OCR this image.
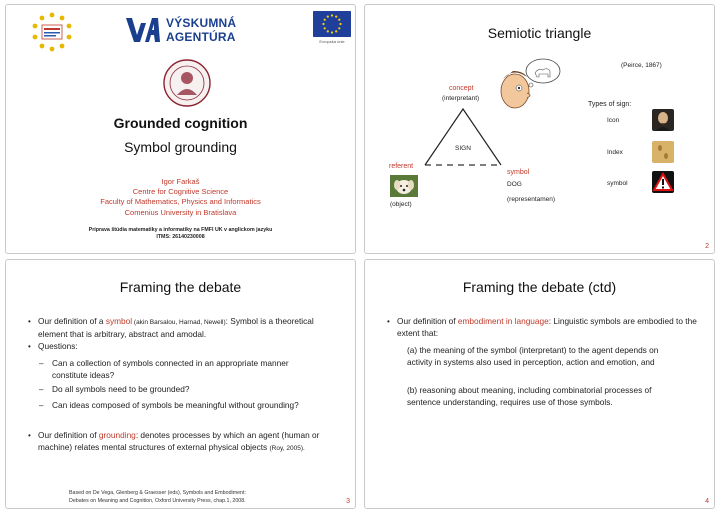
VÝSKUMNÁ
AGENTÚRA	Evropská únie
Grounded cognition
Symbol grounding
Igor Farkaš
Centre for Cognitive Science
Faculty of Mathematics, Physics and Informatics
Comenius University in Bratislava
Príprava štúdia matematiky a informatiky na FMFI UK v anglickom jazyku
ITMS: 26140230008
Semiotic triangle
(Peirce, 1867)
concept
(interpretant)
Types of sign:
SIGN
referent
(object)
symbol
DOG
(representamen)
Icon
Index
symbol
2
Framing the debate
• Our definition of a symbol (akin Barsalou, Harnad, Newell): Symbol is a theoretical element that is arbitrary, abstract and amodal.
• Questions:
– Can a collection of symbols connected in an appropriate manner constitute ideas?
– Do all symbols need to be grounded?
– Can ideas composed of symbols be meaningful without grounding?
• Our definition of grounding: denotes processes by which an agent (human or machine) relates mental structures of external physical objects (Roy, 2005).
Based on De Vega, Glenberg & Graesser (eds), Symbols and Embodiment:
Debates on Meaning and Cognition, Oxford University Press, chap.1, 2008.	3
Framing the debate (ctd)
• Our definition of embodiment in language: Linguistic symbols are embodied to the extent that:
(a) the meaning of the symbol (interpretant) to the agent depends on activity in systems also used in perception, action and emotion, and
(b) reasoning about meaning, including combinatorial processes of sentence understanding, requires use of those symbols.
4
